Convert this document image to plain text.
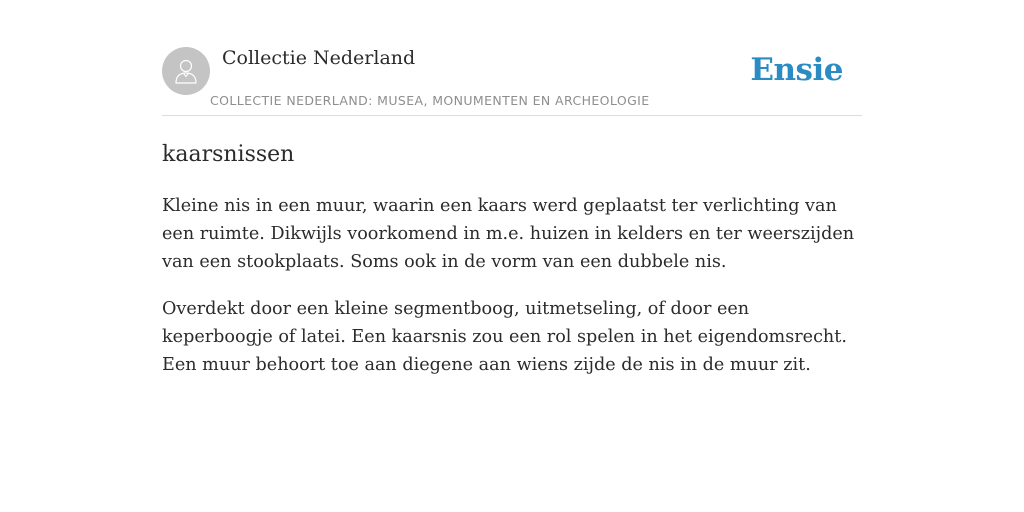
Collectie Nederland
COLLECTIE NEDERLAND: MUSEA, MONUMENTEN EN ARCHEOLOGIE
Ensie
kaarsnissen

Kleine nis in een muur, waarin een kaars werd geplaatst ter verlichting van een ruimte. Dikwijls voorkomend in m.e. huizen in kelders en ter weerszijden van een stookplaats. Soms ook in de vorm van een dubbele nis.

Overdekt door een kleine segmentboog, uitmetseling, of door een keperboogje of latei. Een kaarsnis zou een rol spelen in het eigendomsrecht. Een muur behoort toe aan diegene aan wiens zijde de nis in de muur zit.
